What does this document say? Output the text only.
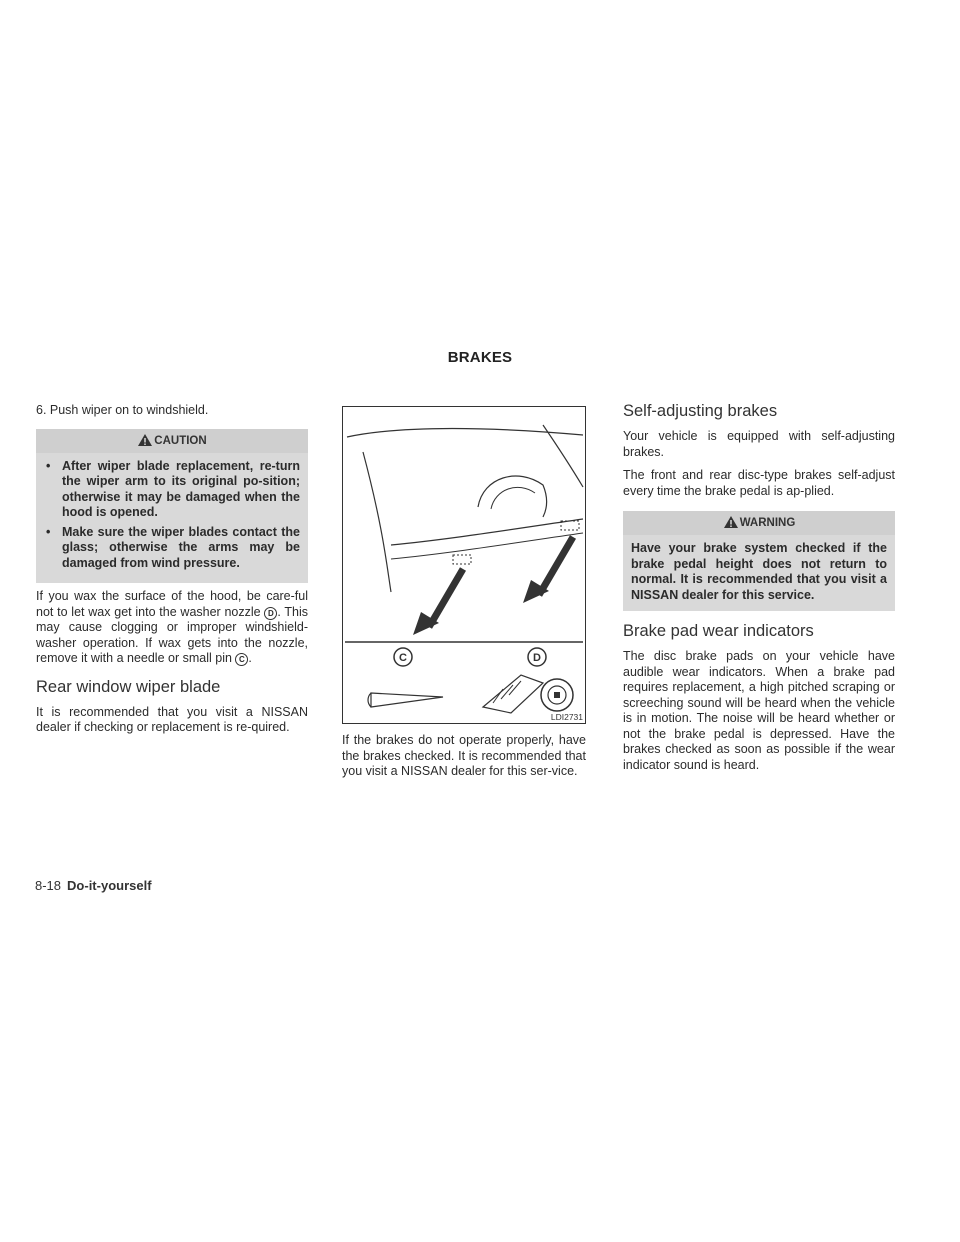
BRAKES

6. Push wiper on to windshield.

CAUTION
• After wiper blade replacement, re-turn the wiper arm to its original po-sition; otherwise it may be damaged when the hood is opened.
• Make sure the wiper blades contact the glass; otherwise the arms may be damaged from wind pressure.

If you wax the surface of the hood, be care-ful not to let wax get into the washer nozzle D . This may cause clogging or improper windshield-washer operation. If wax gets into the nozzle, remove it with a needle or small pin C .

Rear window wiper blade

It is recommended that you visit a NISSAN dealer if checking or replacement is re-quired.

C	D
LDI2731

If the brakes do not operate properly, have the brakes checked. It is recommended that you visit a NISSAN dealer for this ser-vice.

Self-adjusting brakes

Your vehicle is equipped with self-adjusting brakes.

The front and rear disc-type brakes self-adjust every time the brake pedal is ap-plied.

WARNING
Have your brake system checked if the brake pedal height does not return to normal. It is recommended that you visit a NISSAN dealer for this service.
Brake pad wear indicators

The disc brake pads on your vehicle have audible wear indicators. When a brake pad requires replacement, a high pitched scraping or screeching sound will be heard when the vehicle is in motion. The noise will be heard whether or not the brake pedal is depressed. Have the brakes checked as soon as possible if the wear indicator sound is heard.

8-18 Do-it-yourself
